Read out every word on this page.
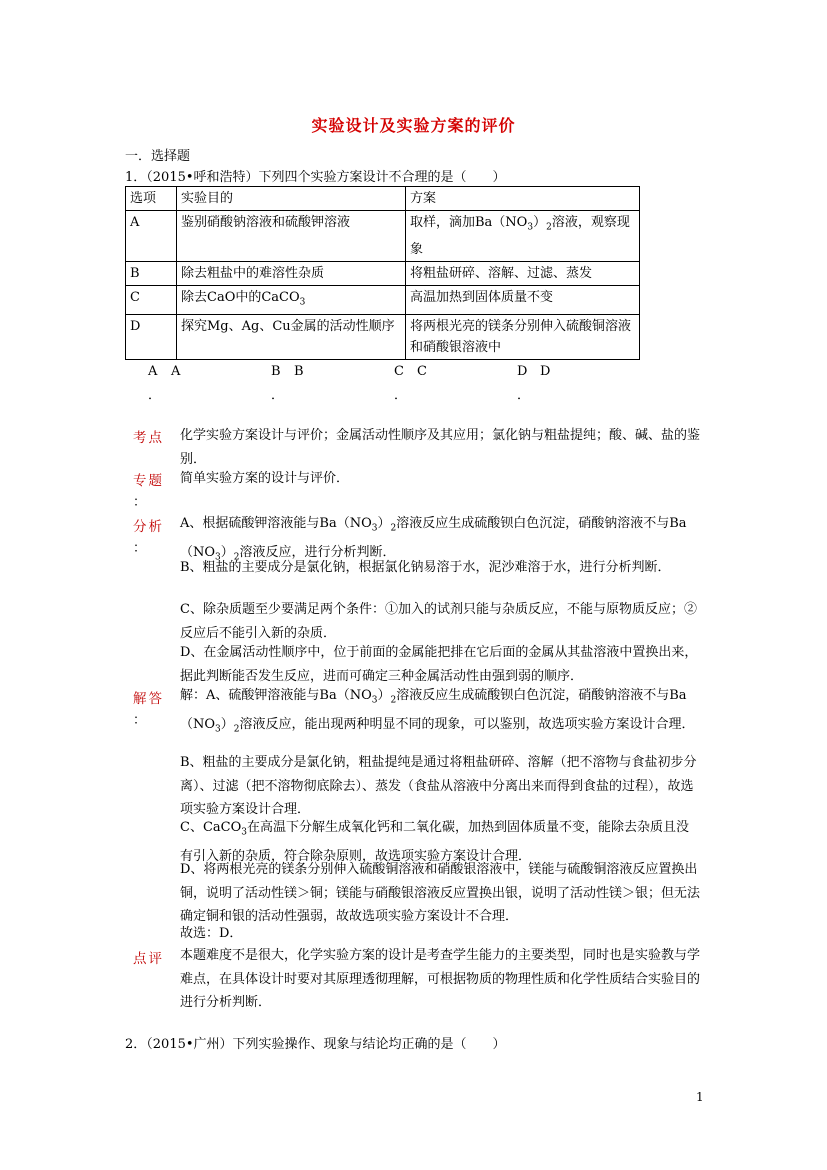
实验设计及实验方案的评价
一．选择题
1．（2015•呼和浩特）下列四个实验方案设计不合理的是（　　）
选项	实验目的	方案
A	鉴别硝酸钠溶液和硫酸钾溶液	取样，滴加$Ba(NO_3)_2$溶液，观察现象
B	除去粗盐中的难溶性杂质	将粗盐研碎、溶解、过滤、蒸发
C	除去CaO中的CaCO$_3$	高温加热到固体质量不变
D	探究Mg、Ag、Cu金属的活动性顺序	将两根光亮的镁条分别伸入硫酸铜溶液和硝酸银溶液中
A A
．
B B
．
C C
．
D D
．
考点 化学实验方案设计与评价；金属活动性顺序及其应用；氯化钠与粗盐提纯；酸、碱、盐的鉴别．
专题
：
简单实验方案的设计与评价．
分析
：
A、根据硫酸钾溶液能与$Ba(NO_3)_2$溶液反应生成硫酸钡白色沉淀，硝酸钠溶液不与$Ba(NO_3)_2$溶液反应，进行分析判断．
B、粗盐的主要成分是氯化钠，根据氯化钠易溶于水，泥沙难溶于水，进行分析判断．
C、除杂质题至少要满足两个条件：①加入的试剂只能与杂质反应，不能与原物质反应；②反应后不能引入新的杂质．
D、在金属活动性顺序中，位于前面的金属能把排在它后面的金属从其盐溶液中置换出来，据此判断能否发生反应，进而可确定三种金属活动性由强到弱的顺序．
解答
：
解：A、硫酸钾溶液能与$Ba(NO_3)_2$溶液反应生成硫酸钡白色沉淀，硝酸钠溶液不与$Ba(NO_3)_2$溶液反应，能出现两种明显不同的现象，可以鉴别，故选项实验方案设计合理．
B、粗盐的主要成分是氯化钠，粗盐提纯是通过将粗盐研碎、溶解（把不溶物与食盐初步分离）、过滤（把不溶物彻底除去）、蒸发（食盐从溶液中分离出来而得到食盐的过程），故选项实验方案设计合理．
C、CaCO$_3$在高温下分解生成氧化钙和二氧化碳，加热到固体质量不变，能除去杂质且没有引入新的杂质，符合除杂原则，故选项实验方案设计合理．
D、将两根光亮的镁条分别伸入硫酸铜溶液和硝酸银溶液中，镁能与硫酸铜溶液反应置换出铜，说明了活动性镁＞铜；镁能与硝酸银溶液反应置换出银，说明了活动性镁＞银；但无法确定铜和银的活动性强弱，故故选项实验方案设计不合理．
故选：D．
点评 本题难度不是很大，化学实验方案的设计是考查学生能力的主要类型，同时也是实验教与学难点，在具体设计时要对其原理透彻理解，可根据物质的物理性质和化学性质结合实验目的进行分析判断．
2．（2015•广州）下列实验操作、现象与结论均正确的是（　　）
1
